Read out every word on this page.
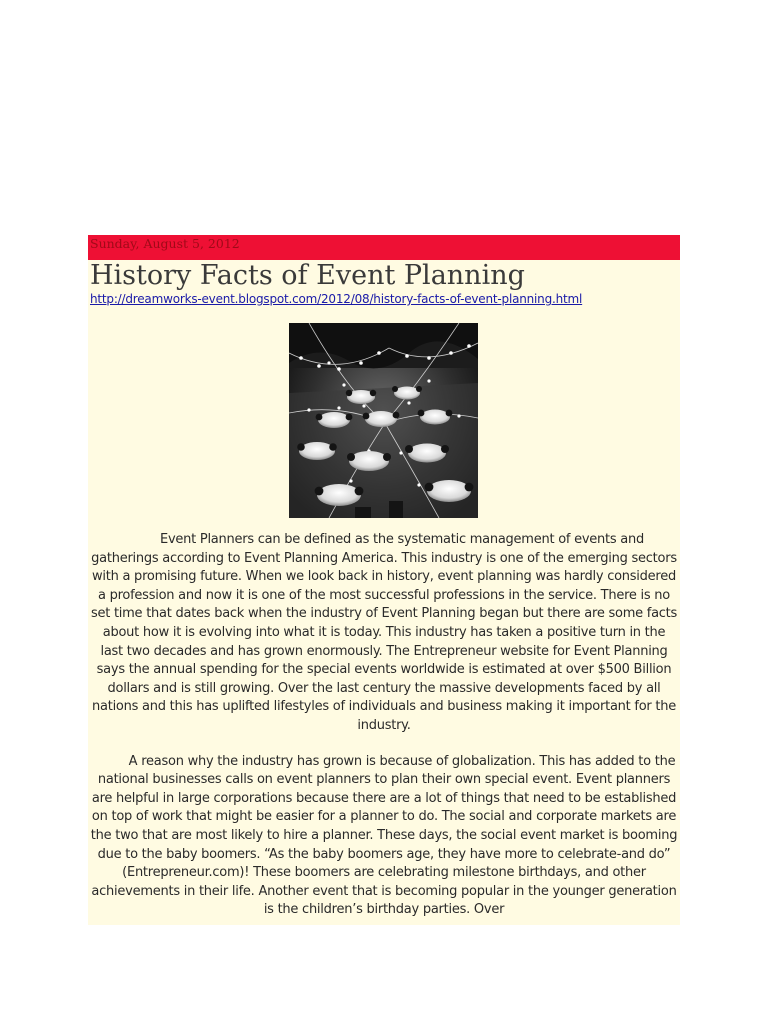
Sunday, August 5, 2012
History Facts of Event Planning
http://dreamworks-event.blogspot.com/2012/08/history-facts-of-event-planning.html

Event Planners can be defined as the systematic management of events and gatherings according to Event Planning America. This industry is one of the emerging sectors with a promising future. When we look back in history, event planning was hardly considered a profession and now it is one of the most successful professions in the service. There is no set time that dates back when the industry of Event Planning began but there are some facts about how it is evolving into what it is today. This industry has taken a positive turn in the last two decades and has grown enormously. The Entrepreneur website for Event Planning says the annual spending for the special events worldwide is estimated at over $500 Billion dollars and is still growing. Over the last century the massive developments faced by all nations and this has uplifted lifestyles of individuals and business making it important for the industry.

A reason why the industry has grown is because of globalization. This has added to the national businesses calls on event planners to plan their own special event. Event planners are helpful in large corporations because there are a lot of things that need to be established on top of work that might be easier for a planner to do. The social and corporate markets are the two that are most likely to hire a planner. These days, the social event market is booming due to the baby boomers. “As the baby boomers age, they have more to celebrate-and do” (Entrepreneur.com)! These boomers are celebrating milestone birthdays, and other achievements in their life. Another event that is becoming popular in the younger generation is the children’s birthday parties. Over
